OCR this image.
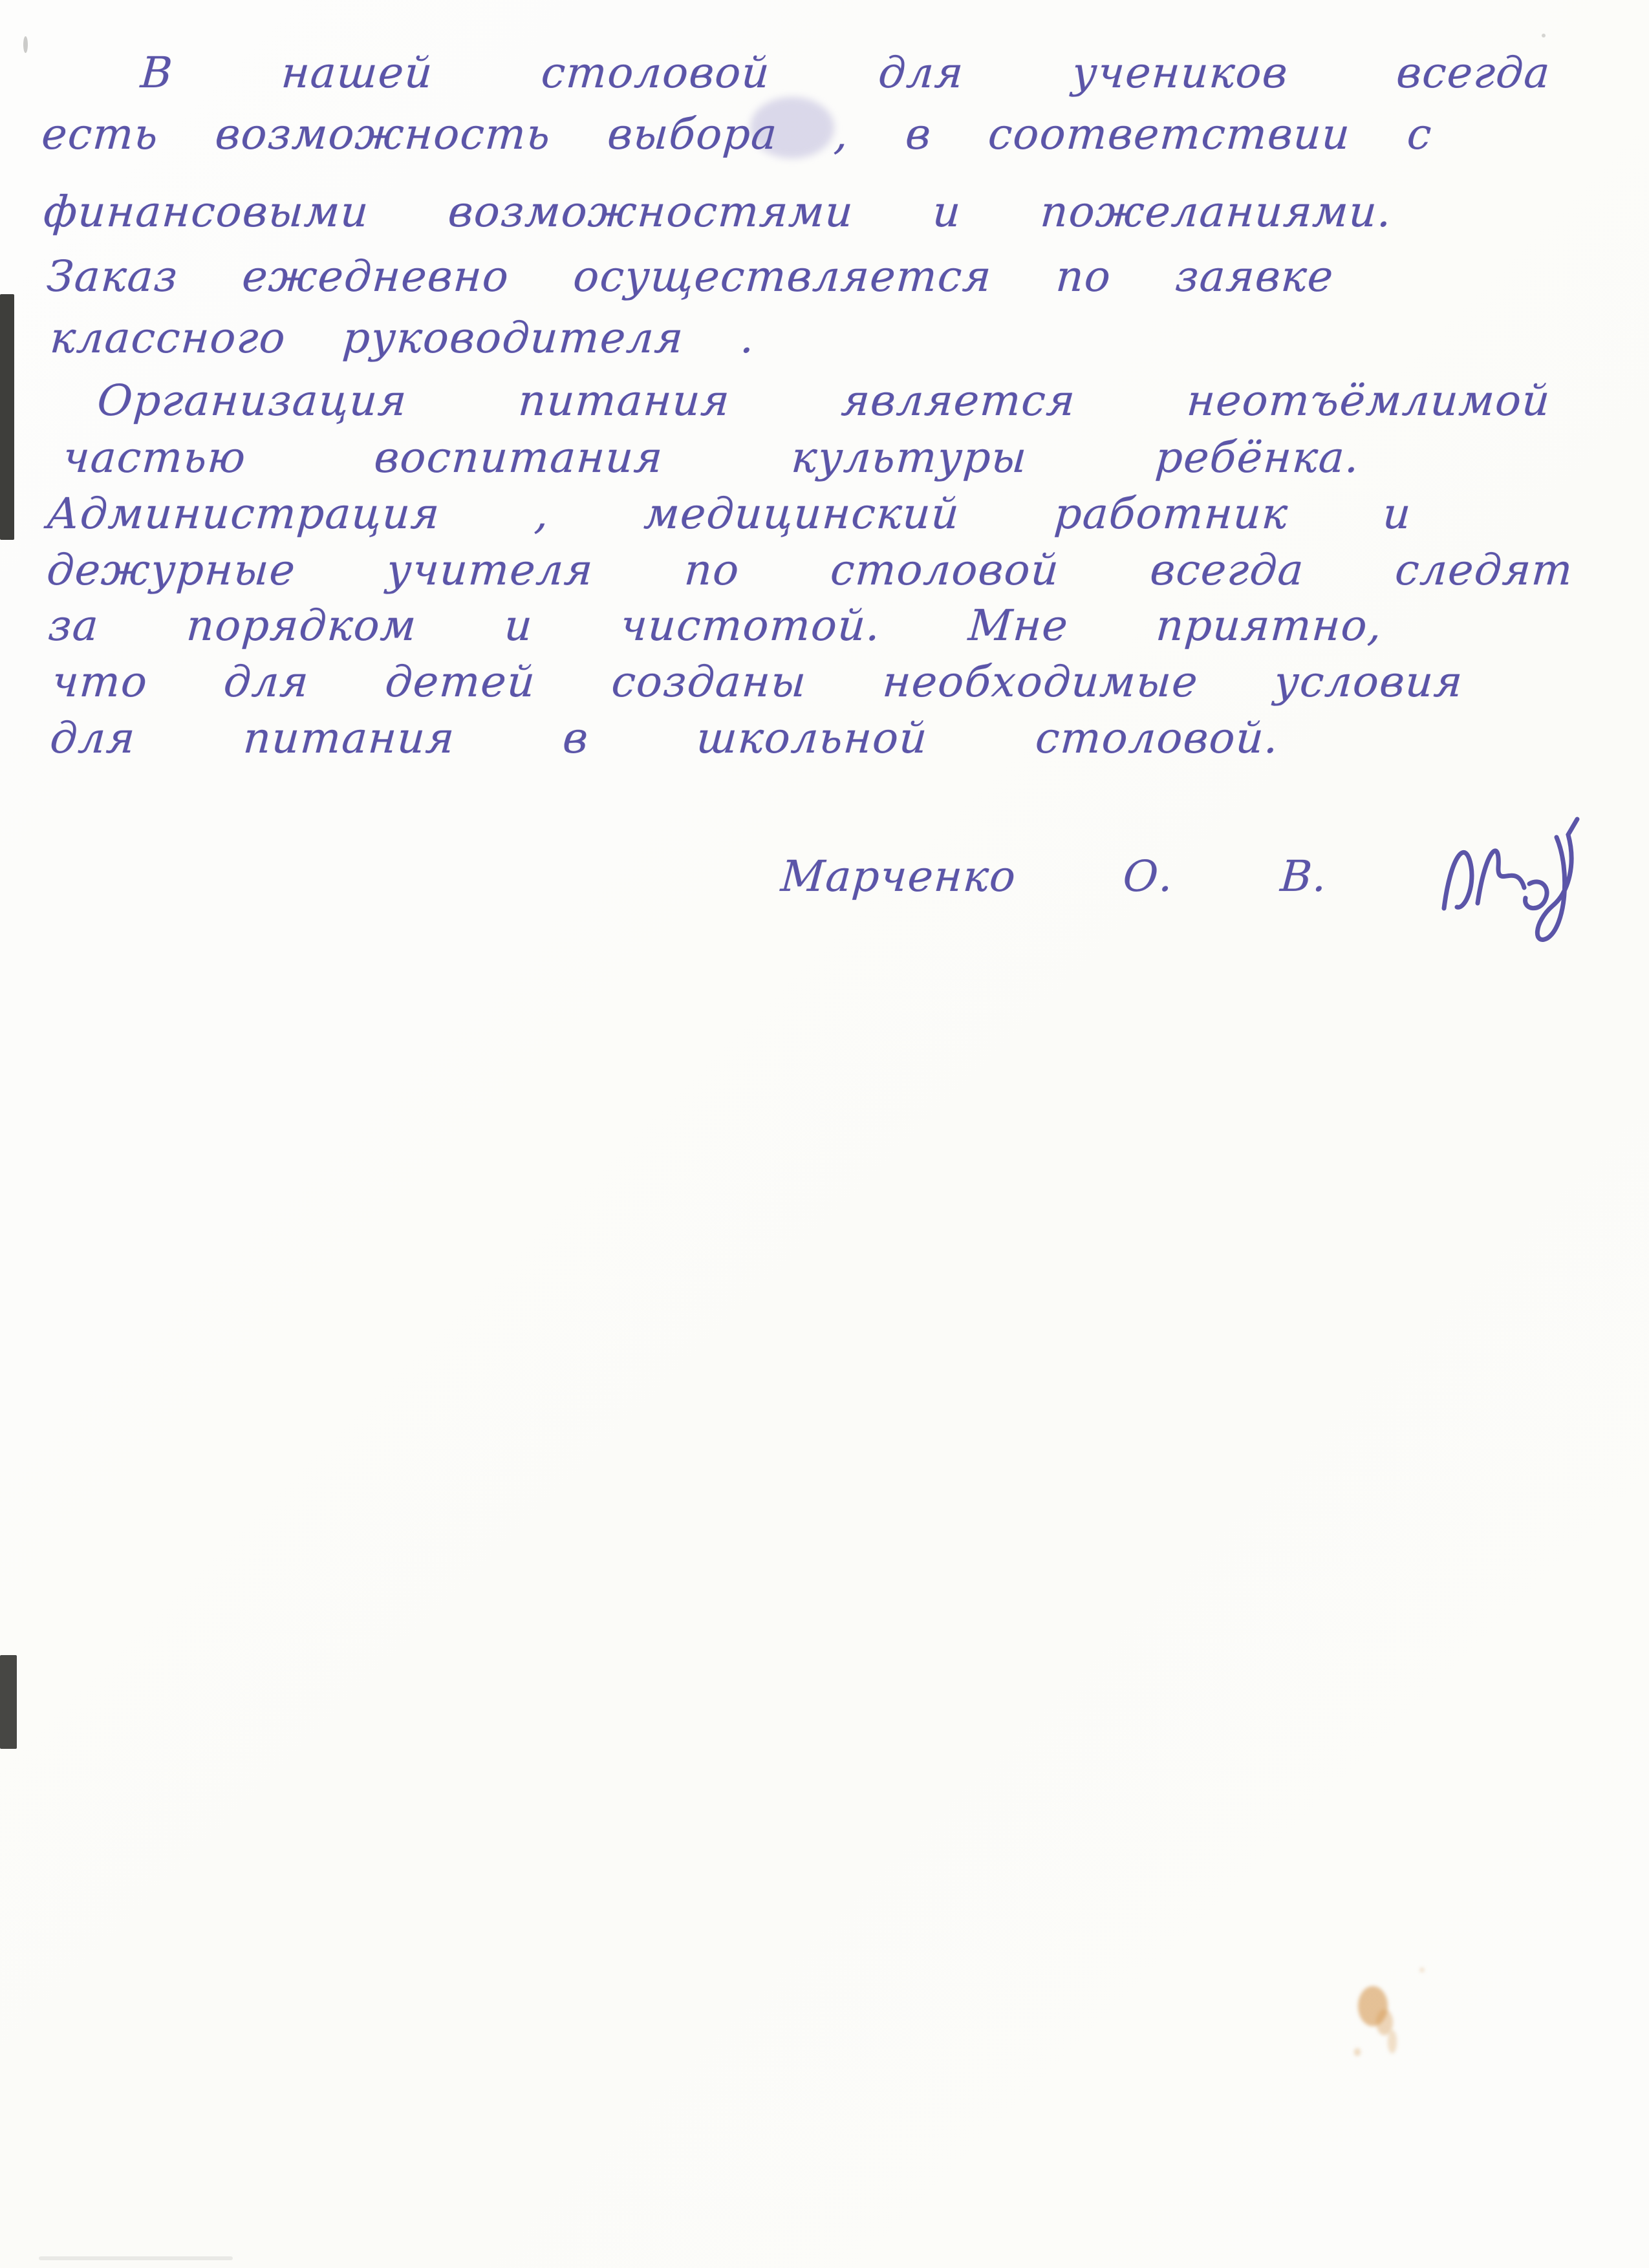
В нашей столовой для учеников всегда
есть возможность выбора , в соответствии с
финансовыми возможностями и пожеланиями.
Заказ ежедневно осуществляется по заявке
классного руководителя .
Организация питания является неотъёмлимой
частью воспитания культуры ребёнка.
Администрация , медицинский работник и
дежурные учителя по столовой всегда следят
за порядком и чистотой. Мне приятно,
что для детей созданы необходимые условия
для питания в школьной столовой.
Марченко О. В.
